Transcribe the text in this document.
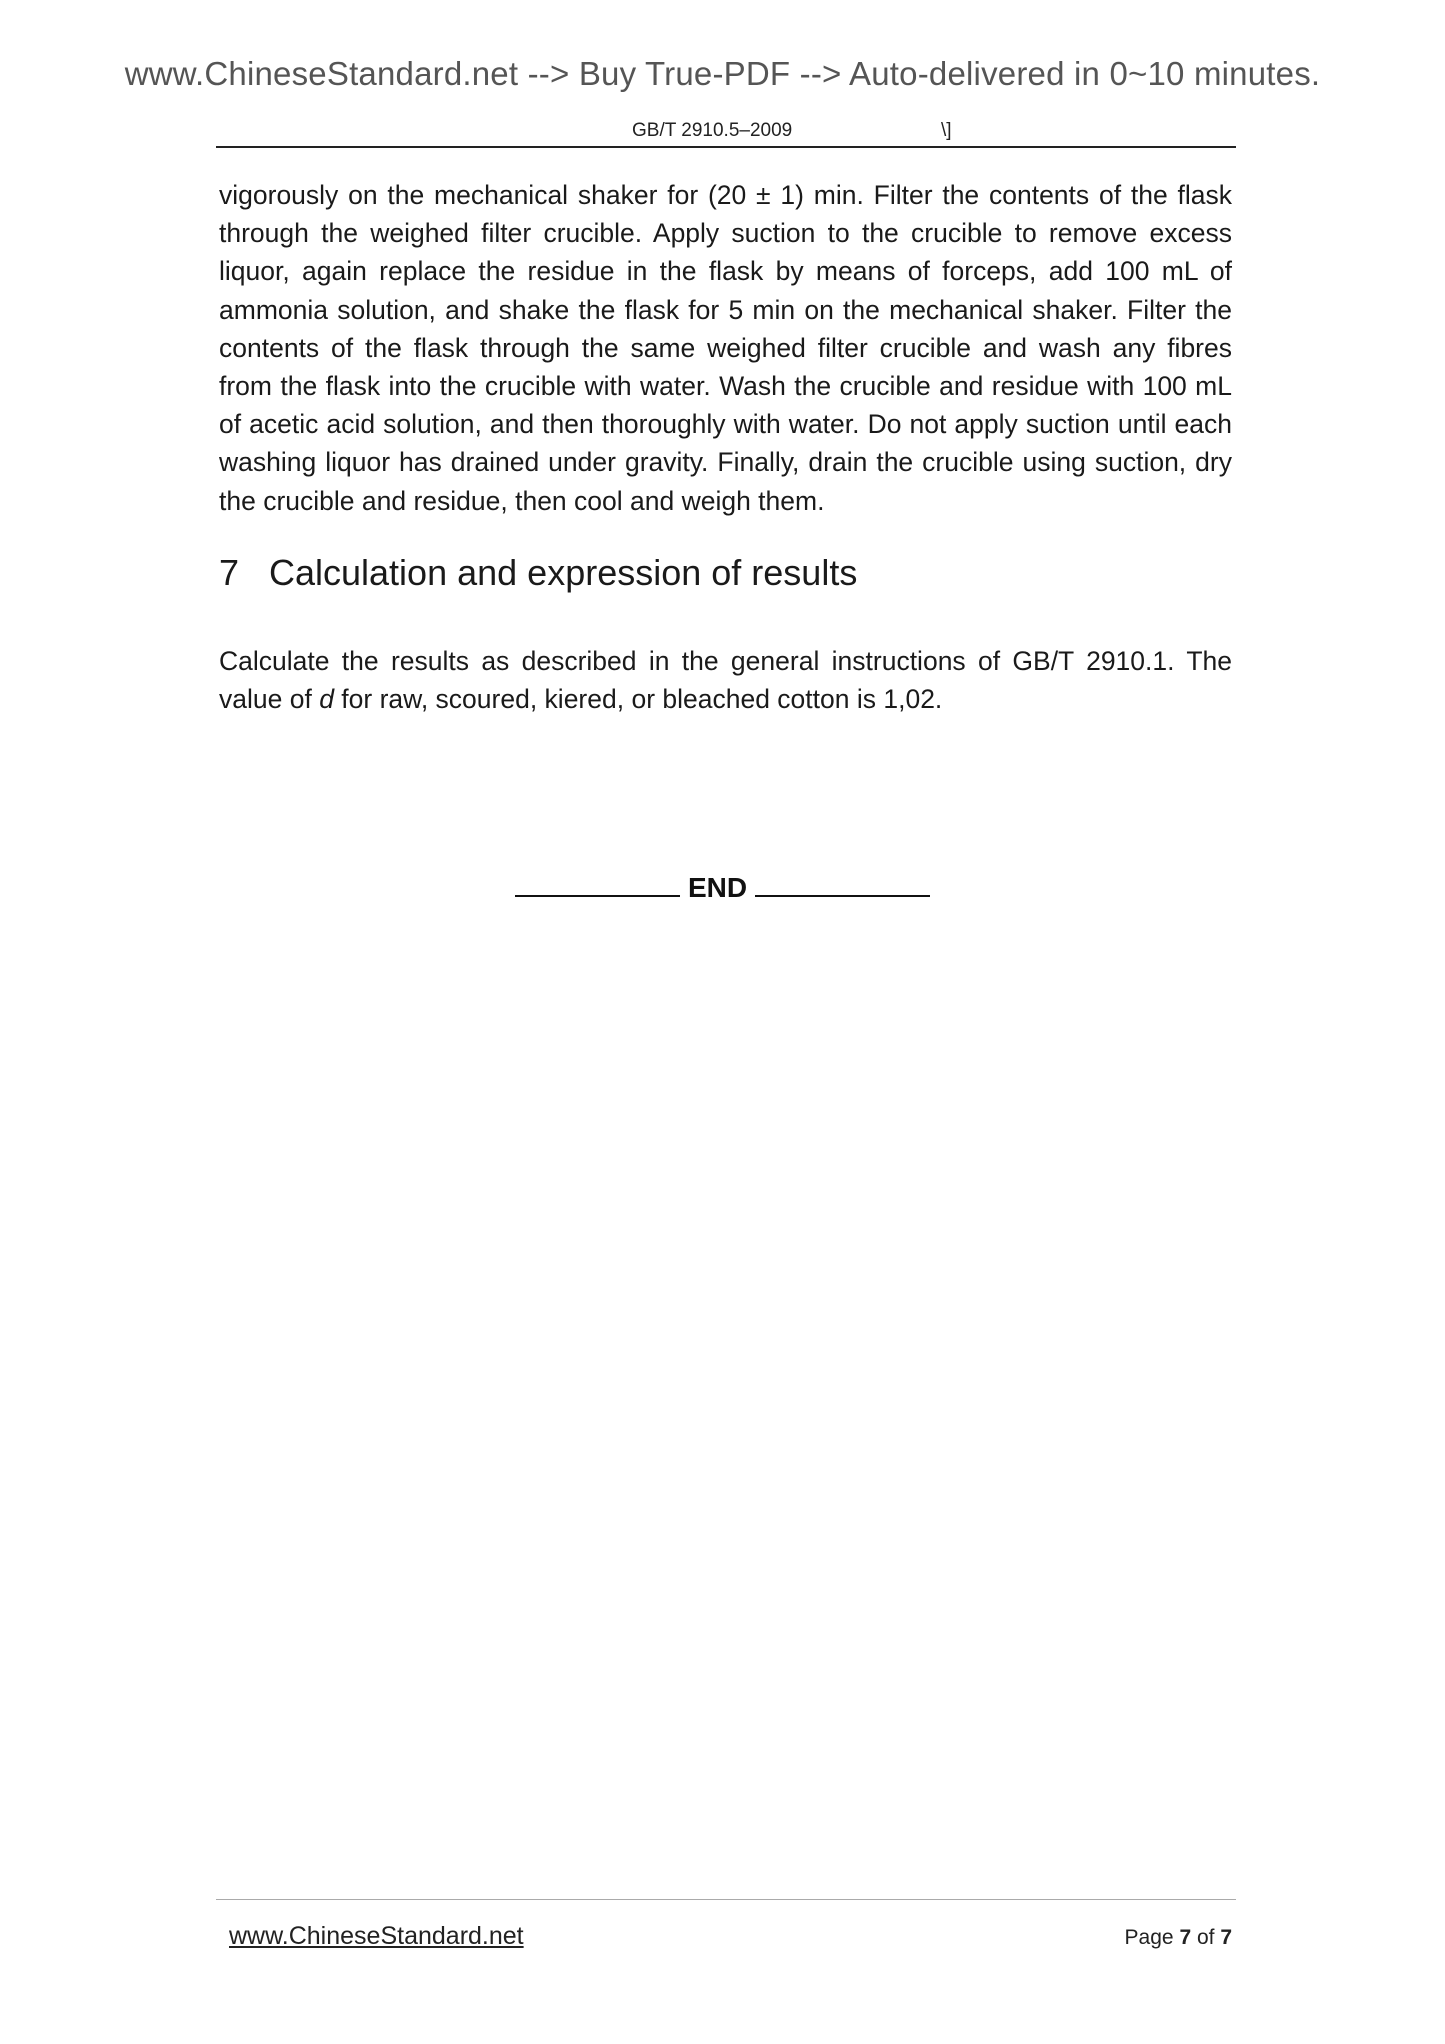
www.ChineseStandard.net --> Buy True-PDF --> Auto-delivered in 0~10 minutes.
GB/T 2910.5–2009	\]

vigorously on the mechanical shaker for (20 ± 1) min. Filter the contents of the flask through the weighed filter crucible. Apply suction to the crucible to remove excess liquor, again replace the residue in the flask by means of forceps, add 100 mL of ammonia solution, and shake the flask for 5 min on the mechanical shaker. Filter the contents of the flask through the same weighed filter crucible and wash any fibres from the flask into the crucible with water. Wash the crucible and residue with 100 mL of acetic acid solution, and then thoroughly with water. Do not apply suction until each washing liquor has drained under gravity. Finally, drain the crucible using suction, dry the crucible and residue, then cool and weigh them.

7 Calculation and expression of results

Calculate the results as described in the general instructions of GB/T 2910.1. The value of d for raw, scoured, kiered, or bleached cotton is 1,02.

END
www.ChineseStandard.net	Page 7 of 7
